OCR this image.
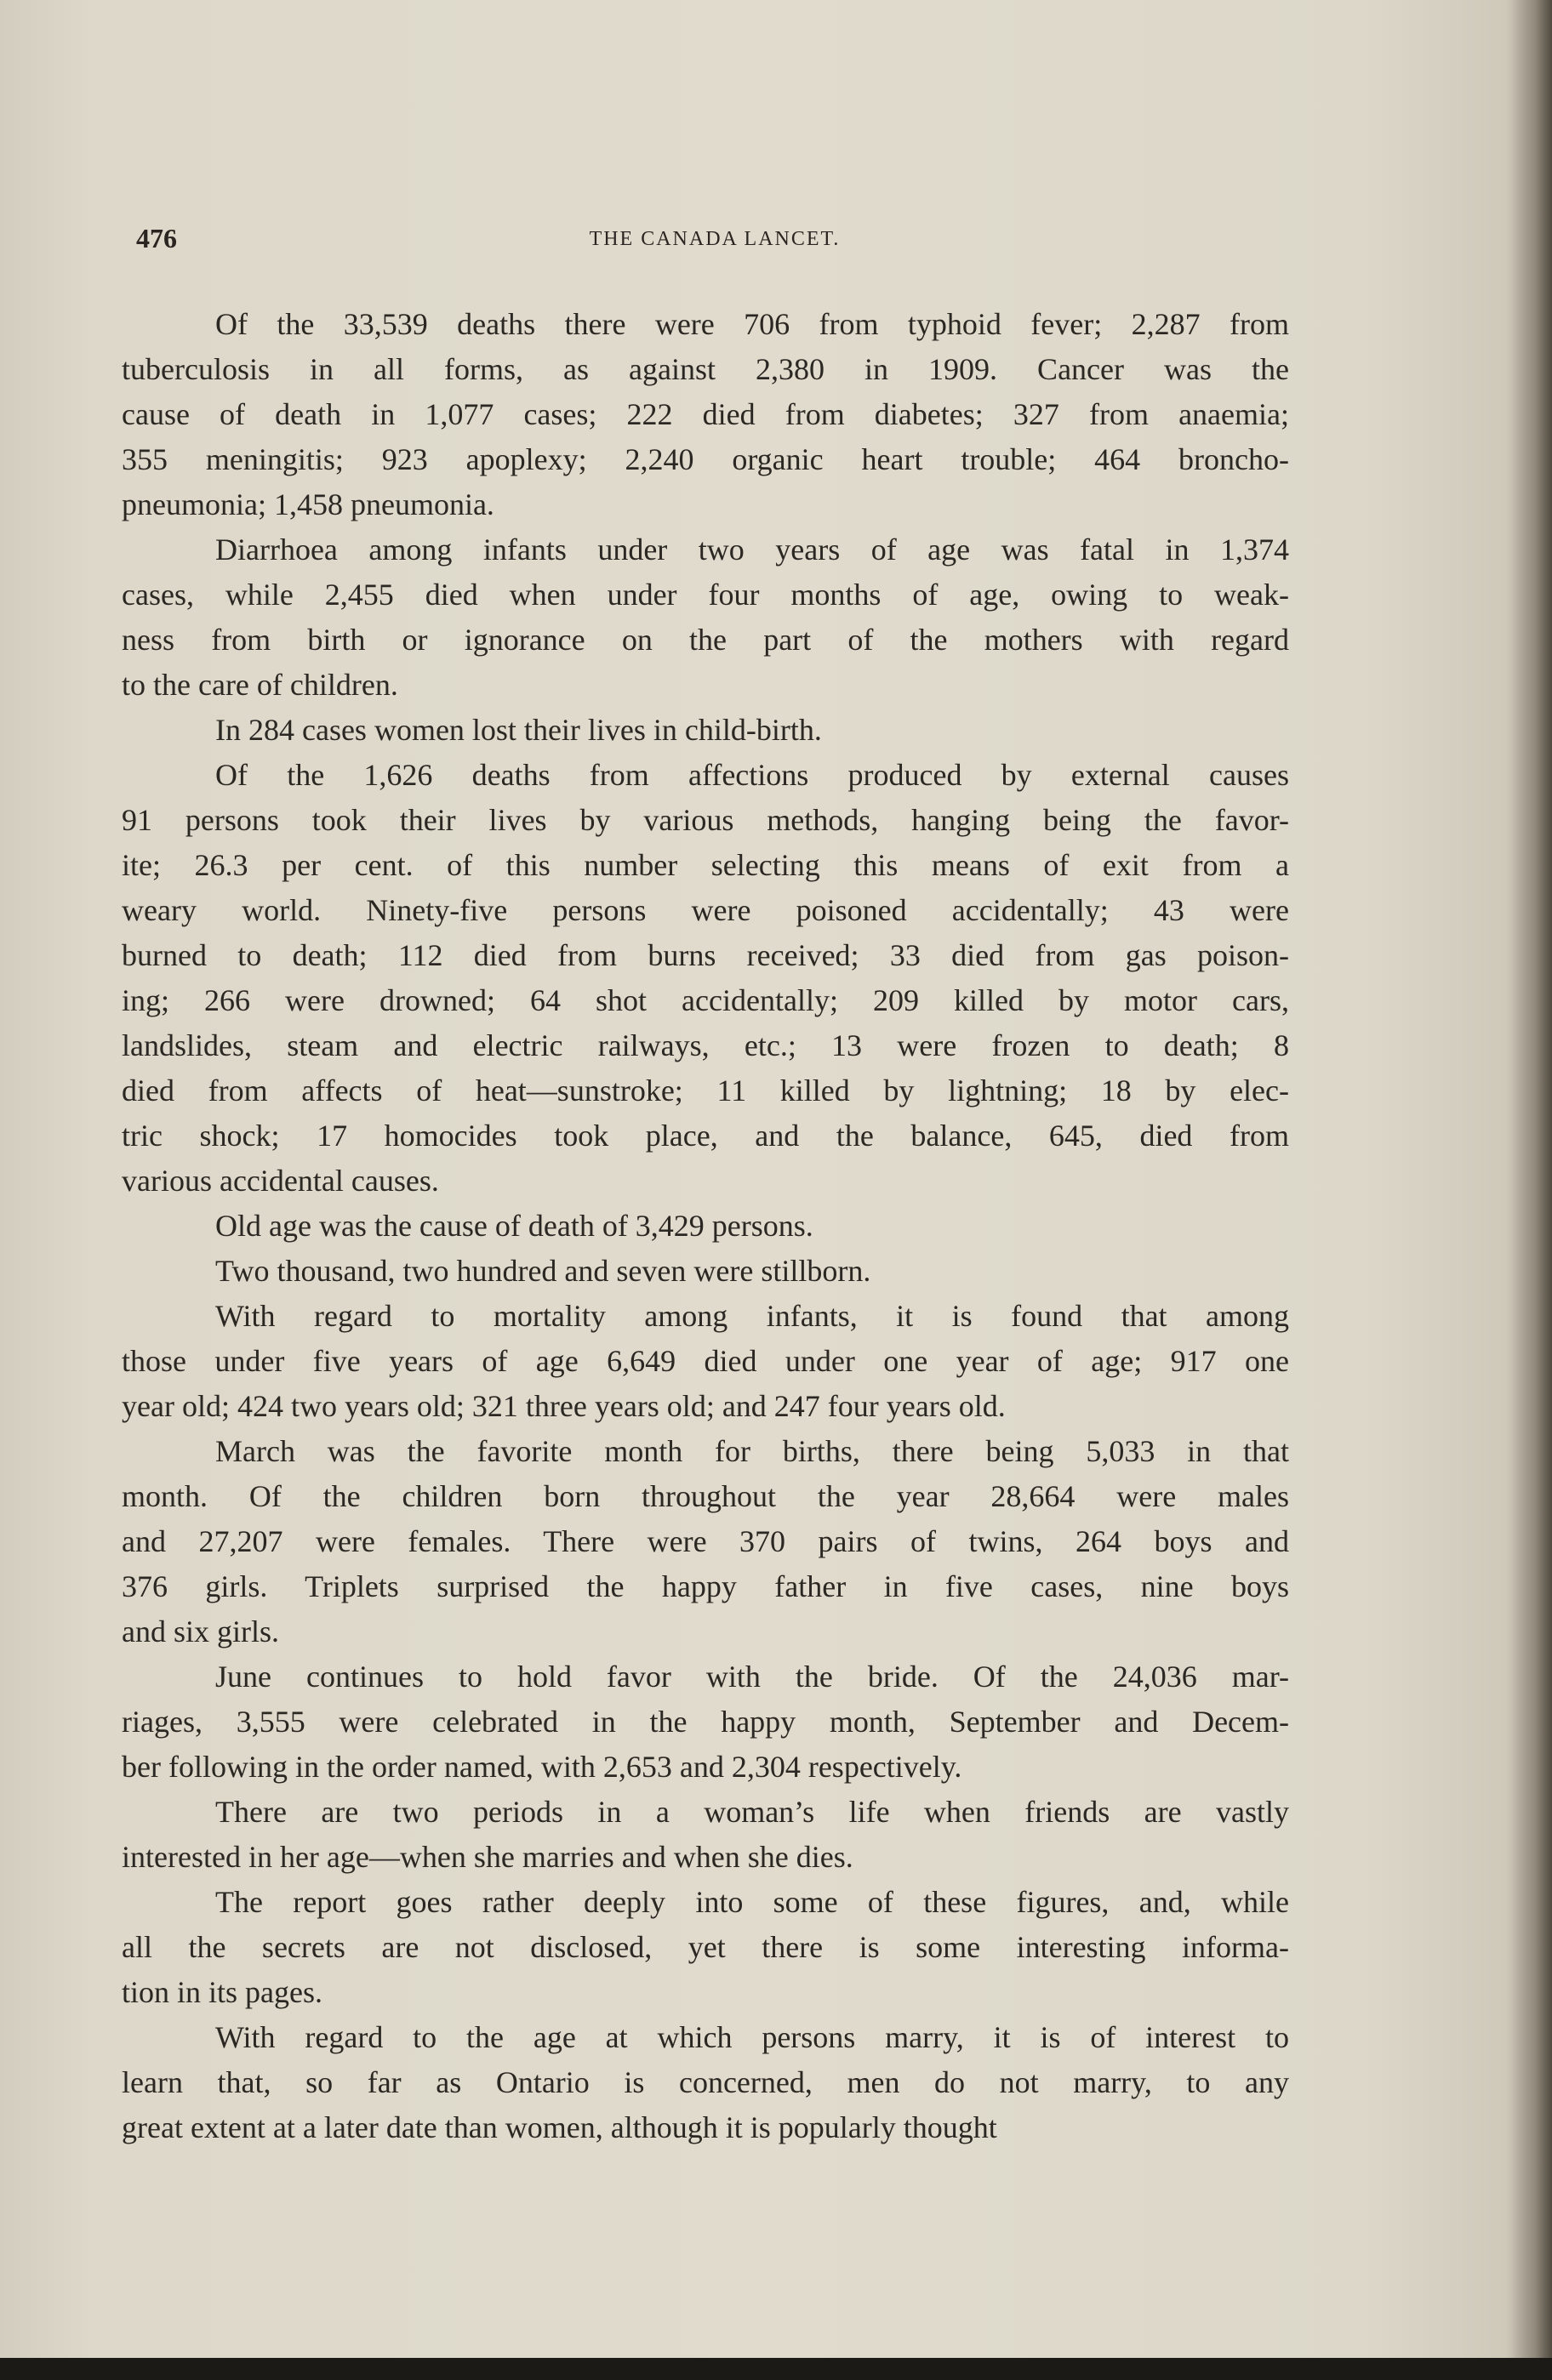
476	THE CANADA LANCET.

Of the 33,539 deaths there were 706 from typhoid fever; 2,287 from
tuberculosis in all forms, as against 2,380 in 1909. Cancer was the
cause of death in 1,077 cases; 222 died from diabetes; 327 from anaemia;
355 meningitis; 923 apoplexy; 2,240 organic heart trouble; 464 broncho-
pneumonia; 1,458 pneumonia.

Diarrhoea among infants under two years of age was fatal in 1,374
cases, while 2,455 died when under four months of age, owing to weak-
ness from birth or ignorance on the part of the mothers with regard
to the care of children.

In 284 cases women lost their lives in child-birth.

Of the 1,626 deaths from affections produced by external causes
91 persons took their lives by various methods, hanging being the favor-
ite; 26.3 per cent. of this number selecting this means of exit from a
weary world. Ninety-five persons were poisoned accidentally; 43 were
burned to death; 112 died from burns received; 33 died from gas poison-
ing; 266 were drowned; 64 shot accidentally; 209 killed by motor cars,
landslides, steam and electric railways, etc.; 13 were frozen to death; 8
died from affects of heat—sunstroke; 11 killed by lightning; 18 by elec-
tric shock; 17 homocides took place, and the balance, 645, died from
various accidental causes.

Old age was the cause of death of 3,429 persons.

Two thousand, two hundred and seven were stillborn.

With regard to mortality among infants, it is found that among
those under five years of age 6,649 died under one year of age; 917 one
year old; 424 two years old; 321 three years old; and 247 four years old.

March was the favorite month for births, there being 5,033 in that
month. Of the children born throughout the year 28,664 were males
and 27,207 were females. There were 370 pairs of twins, 264 boys and
376 girls. Triplets surprised the happy father in five cases, nine boys
and six girls.

June continues to hold favor with the bride. Of the 24,036 mar-
riages, 3,555 were celebrated in the happy month, September and Decem-
ber following in the order named, with 2,653 and 2,304 respectively.

There are two periods in a woman’s life when friends are vastly
interested in her age—when she marries and when she dies.

The report goes rather deeply into some of these figures, and, while
all the secrets are not disclosed, yet there is some interesting informa-
tion in its pages.

With regard to the age at which persons marry, it is of interest to
learn that, so far as Ontario is concerned, men do not marry, to any
great extent at a later date than women, although it is popularly thought
